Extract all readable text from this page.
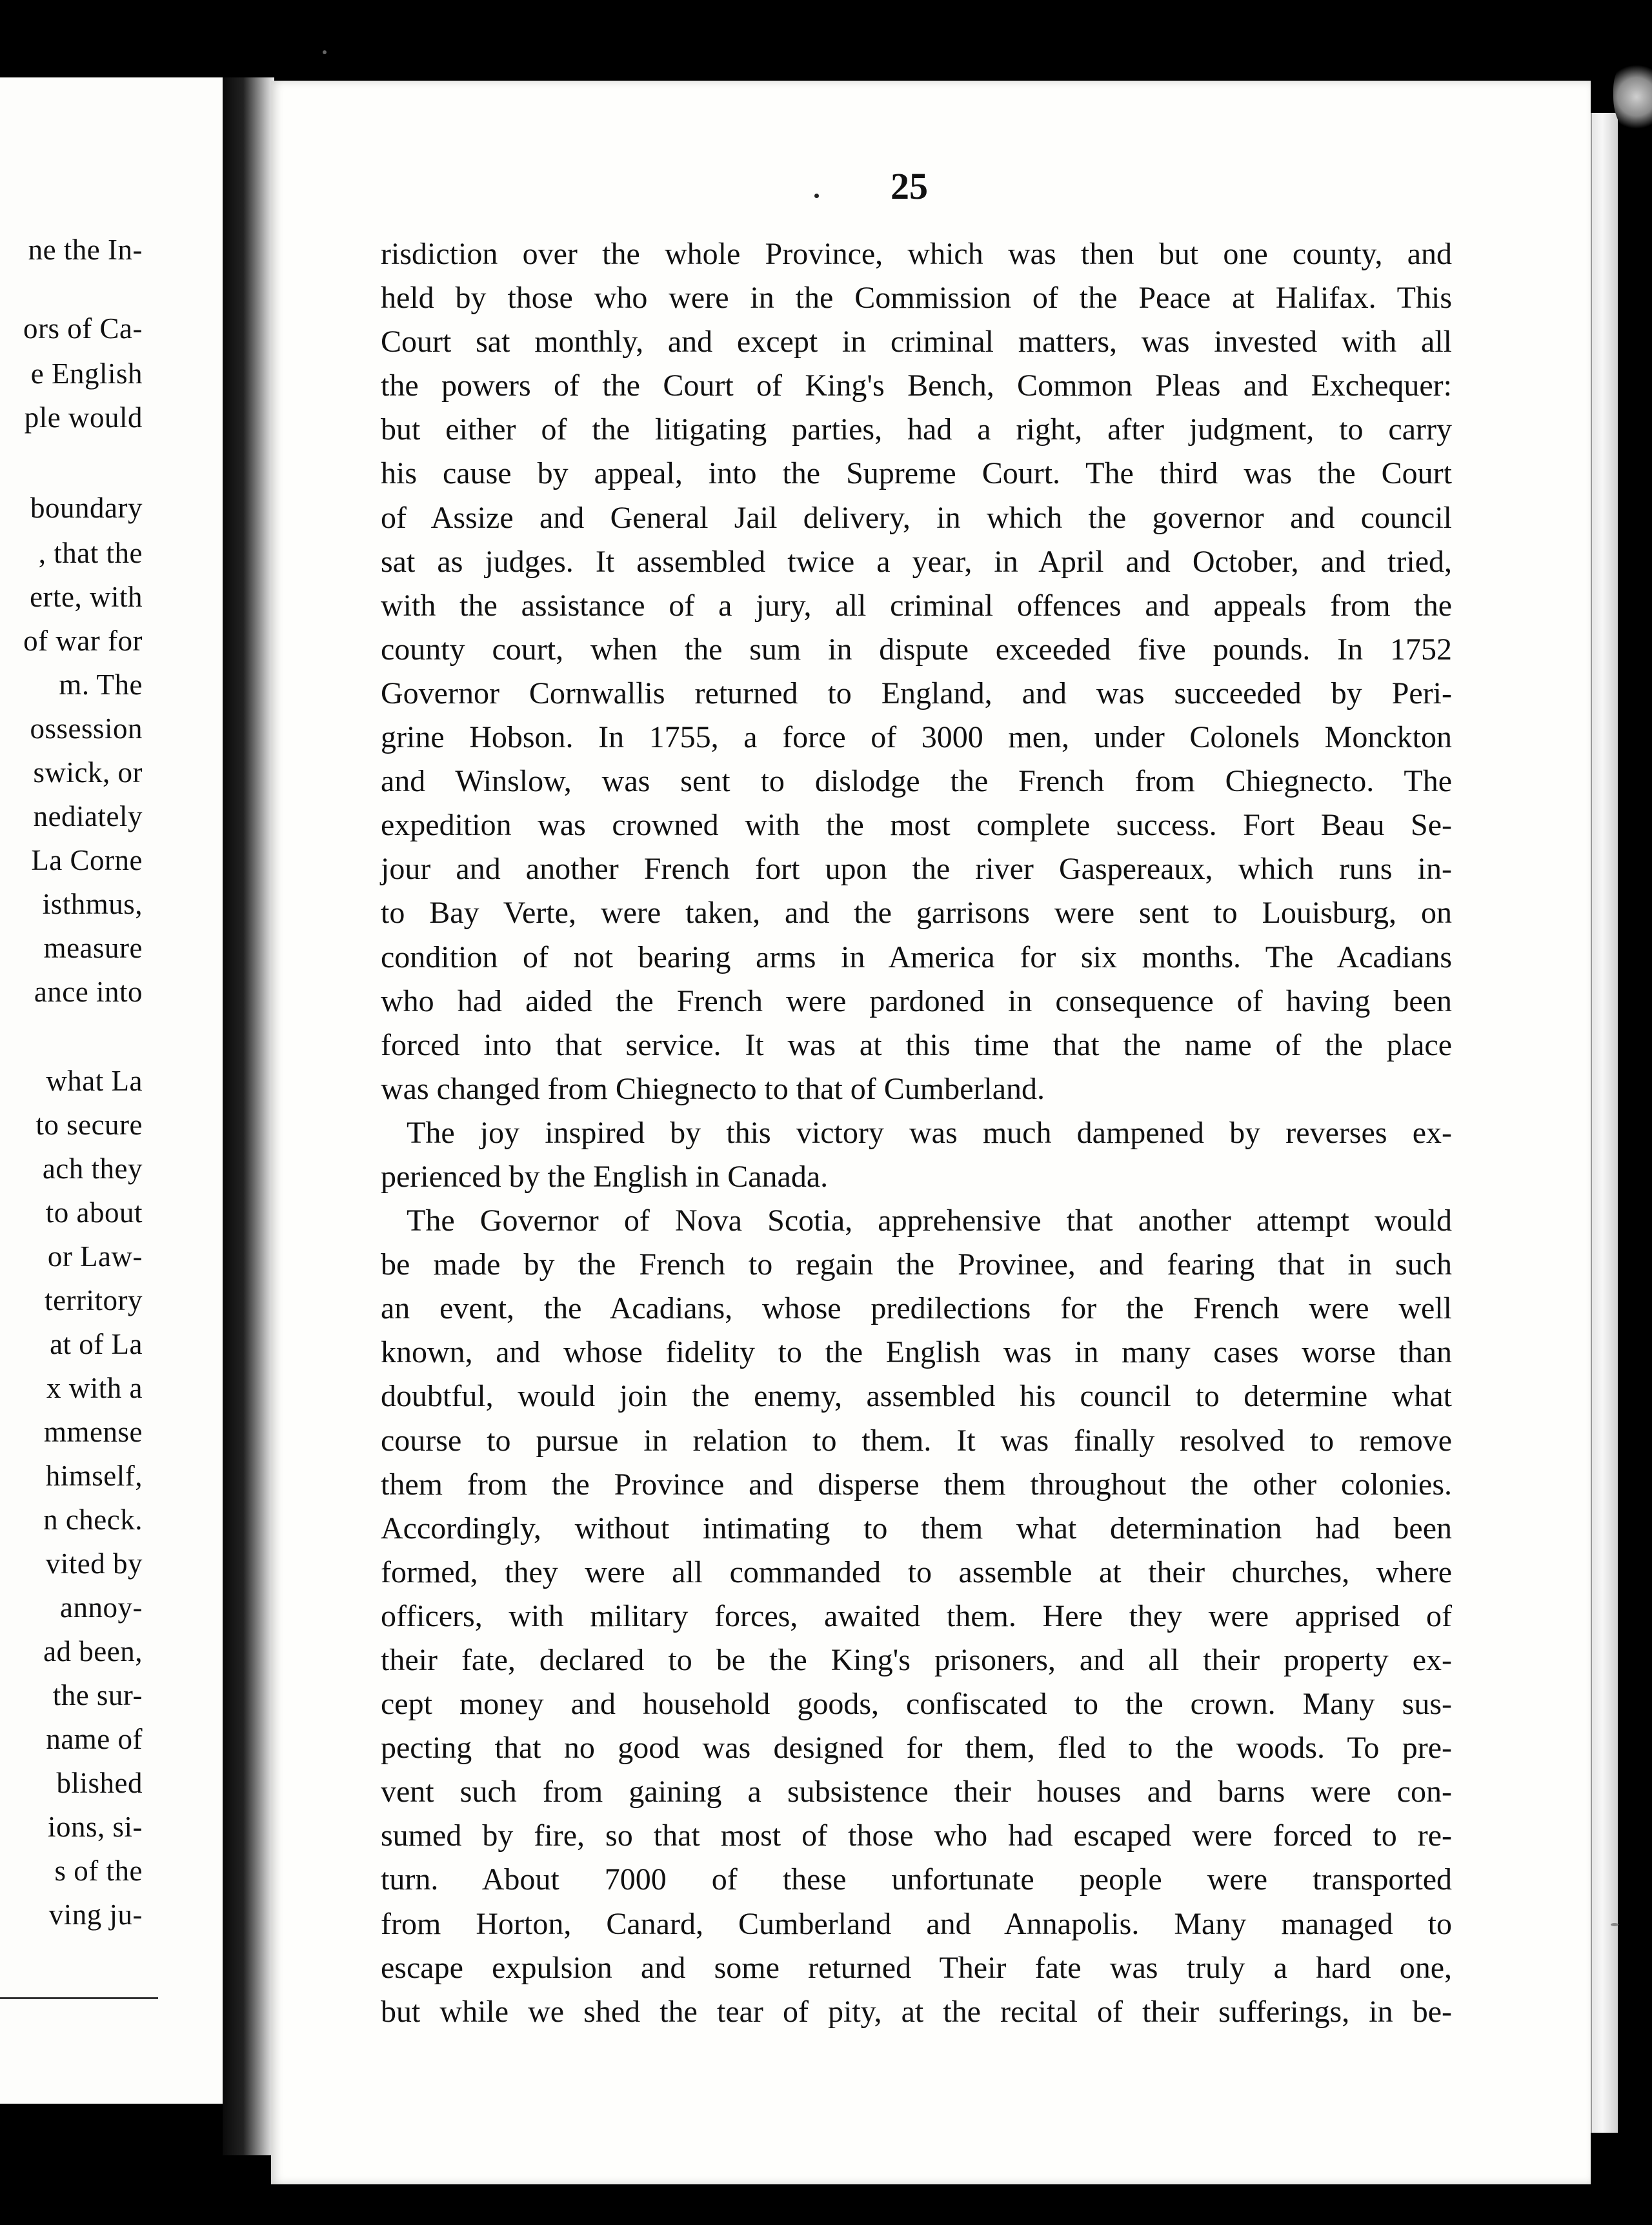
ne the In-
ors of Ca-
e English
ple would
boundary
, that the
erte, with
of war for
m. The
ossession
swick, or
nediately
La Corne
isthmus,
measure
ance into
what La
to secure
ach they
to about
or Law-
territory
at of La
x with a
mmense
himself,
n check.
vited by
annoy-
ad been,
the sur-
name of
blished
ions, si-
s of the
ving ju-
25
risdiction over the whole Province, which was then but one county, and
held by those who were in the Commission of the Peace at Halifax. This
Court sat monthly, and except in criminal matters, was invested with all
the powers of the Court of King's Bench, Common Pleas and Exchequer:
but either of the litigating parties, had a right, after judgment, to carry
his cause by appeal, into the Supreme Court. The third was the Court
of Assize and General Jail delivery, in which the governor and council
sat as judges. It assembled twice a year, in April and October, and tried,
with the assistance of a jury, all criminal offences and appeals from the
county court, when the sum in dispute exceeded five pounds. In 1752
Governor Cornwallis returned to England, and was succeeded by Peri-
grine Hobson. In 1755, a force of 3000 men, under Colonels Monckton
and Winslow, was sent to dislodge the French from Chiegnecto. The
expedition was crowned with the most complete success. Fort Beau Se-
jour and another French fort upon the river Gaspereaux, which runs in-
to Bay Verte, were taken, and the garrisons were sent to Louisburg, on
condition of not bearing arms in America for six months. The Acadians
who had aided the French were pardoned in consequence of having been
forced into that service. It was at this time that the name of the place
was changed from Chiegnecto to that of Cumberland.
The joy inspired by this victory was much dampened by reverses ex-
perienced by the English in Canada.
The Governor of Nova Scotia, apprehensive that another attempt would
be made by the French to regain the Provinee, and fearing that in such
an event, the Acadians, whose predilections for the French were well
known, and whose fidelity to the English was in many cases worse than
doubtful, would join the enemy, assembled his council to determine what
course to pursue in relation to them. It was finally resolved to remove
them from the Province and disperse them throughout the other colonies.
Accordingly, without intimating to them what determination had been
formed, they were all commanded to assemble at their churches, where
officers, with military forces, awaited them. Here they were apprised of
their fate, declared to be the King's prisoners, and all their property ex-
cept money and household goods, confiscated to the crown. Many sus-
pecting that no good was designed for them, fled to the woods. To pre-
vent such from gaining a subsistence their houses and barns were con-
sumed by fire, so that most of those who had escaped were forced to re-
turn. About 7000 of these unfortunate people were transported
from Horton, Canard, Cumberland and Annapolis. Many managed to
escape expulsion and some returned Their fate was truly a hard one,
but while we shed the tear of pity, at the recital of their sufferings, in be-
